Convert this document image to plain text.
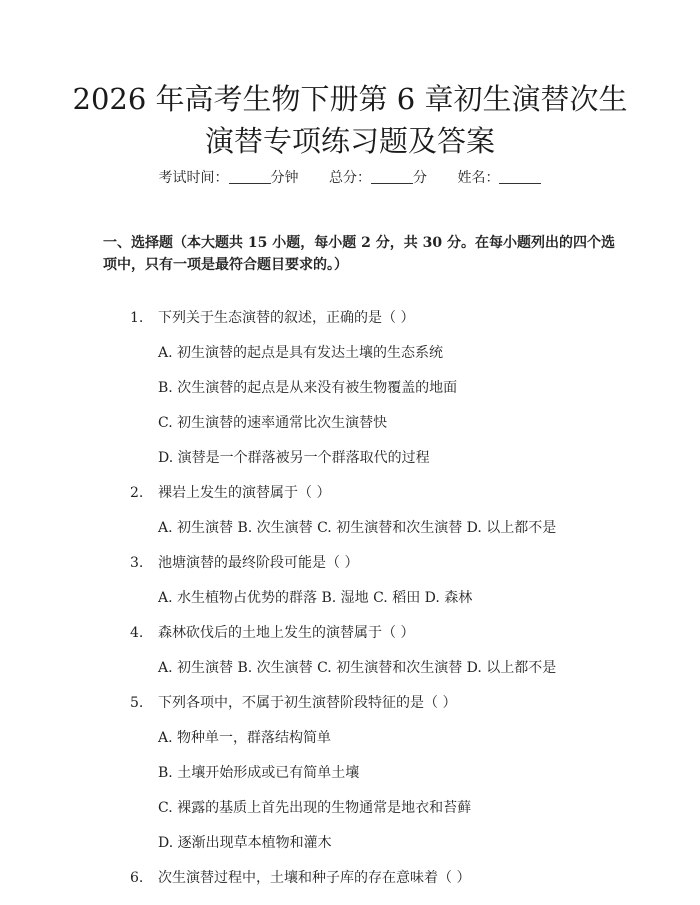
2026 年高考生物下册第 6 章初生演替次生演替专项练习题及答案
考试时间：	分钟 总分：	分 姓名：

一、选择题（本大题共 15 小题，每小题 2 分，共 30 分。在每小题列出的四个选项中，只有一项是最符合题目要求的。）

1. 下列关于生态演替的叙述，正确的是（ ）
A. 初生演替的起点是具有发达土壤的生态系统
B. 次生演替的起点是从来没有被生物覆盖的地面
C. 初生演替的速率通常比次生演替快
D. 演替是一个群落被另一个群落取代的过程
2. 裸岩上发生的演替属于（ ）
A. 初生演替 B. 次生演替 C. 初生演替和次生演替 D. 以上都不是
3. 池塘演替的最终阶段可能是（ ）
A. 水生植物占优势的群落 B. 湿地 C. 稻田 D. 森林
4. 森林砍伐后的土地上发生的演替属于（ ）
A. 初生演替 B. 次生演替 C. 初生演替和次生演替 D. 以上都不是
5. 下列各项中，不属于初生演替阶段特征的是（ ）
A. 物种单一，群落结构简单
B. 土壤开始形成或已有简单土壤
C. 裸露的基质上首先出现的生物通常是地衣和苔藓
D. 逐渐出现草本植物和灌木
6. 次生演替过程中，土壤和种子库的存在意味着（ ）
